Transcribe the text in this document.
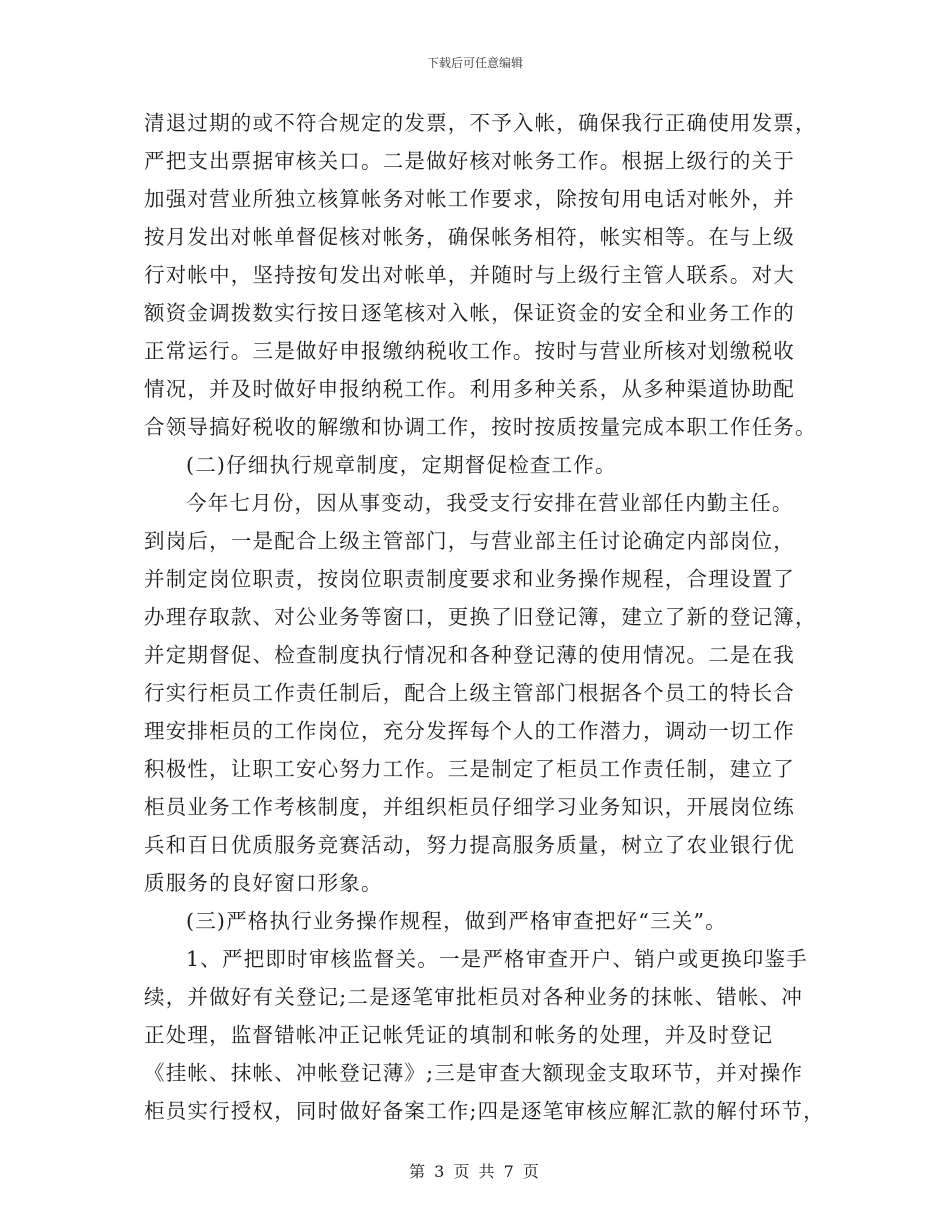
下载后可任意编辑
清退过期的或不符合规定的发票，不予入帐，确保我行正确使用发票，
严把支出票据审核关口。二是做好核对帐务工作。根据上级行的关于
加强对营业所独立核算帐务对帐工作要求，除按旬用电话对帐外，并
按月发出对帐单督促核对帐务，确保帐务相符，帐实相等。在与上级
行对帐中，坚持按旬发出对帐单，并随时与上级行主管人联系。对大
额资金调拨数实行按日逐笔核对入帐，保证资金的安全和业务工作的
正常运行。三是做好申报缴纳税收工作。按时与营业所核对划缴税收
情况，并及时做好申报纳税工作。利用多种关系，从多种渠道协助配
合领导搞好税收的解缴和协调工作，按时按质按量完成本职工作任务。
(二)仔细执行规章制度，定期督促检查工作。
今年七月份，因从事变动，我受支行安排在营业部任内勤主任。
到岗后，一是配合上级主管部门，与营业部主任讨论确定内部岗位，
并制定岗位职责，按岗位职责制度要求和业务操作规程，合理设置了
办理存取款、对公业务等窗口，更换了旧登记簿，建立了新的登记簿，
并定期督促、检查制度执行情况和各种登记薄的使用情况。二是在我
行实行柜员工作责任制后，配合上级主管部门根据各个员工的特长合
理安排柜员的工作岗位，充分发挥每个人的工作潜力，调动一切工作
积极性，让职工安心努力工作。三是制定了柜员工作责任制，建立了
柜员业务工作考核制度，并组织柜员仔细学习业务知识，开展岗位练
兵和百日优质服务竞赛活动，努力提高服务质量，树立了农业银行优
质服务的良好窗口形象。
(三)严格执行业务操作规程，做到严格审查把好“三关”。
1、严把即时审核监督关。一是严格审查开户、销户或更换印鉴手
续，并做好有关登记;二是逐笔审批柜员对各种业务的抹帐、错帐、冲
正处理，监督错帐冲正记帐凭证的填制和帐务的处理，并及时登记
《挂帐、抹帐、冲帐登记薄》;三是审查大额现金支取环节，并对操作
柜员实行授权，同时做好备案工作;四是逐笔审核应解汇款的解付环节，
第 3 页 共 7 页
